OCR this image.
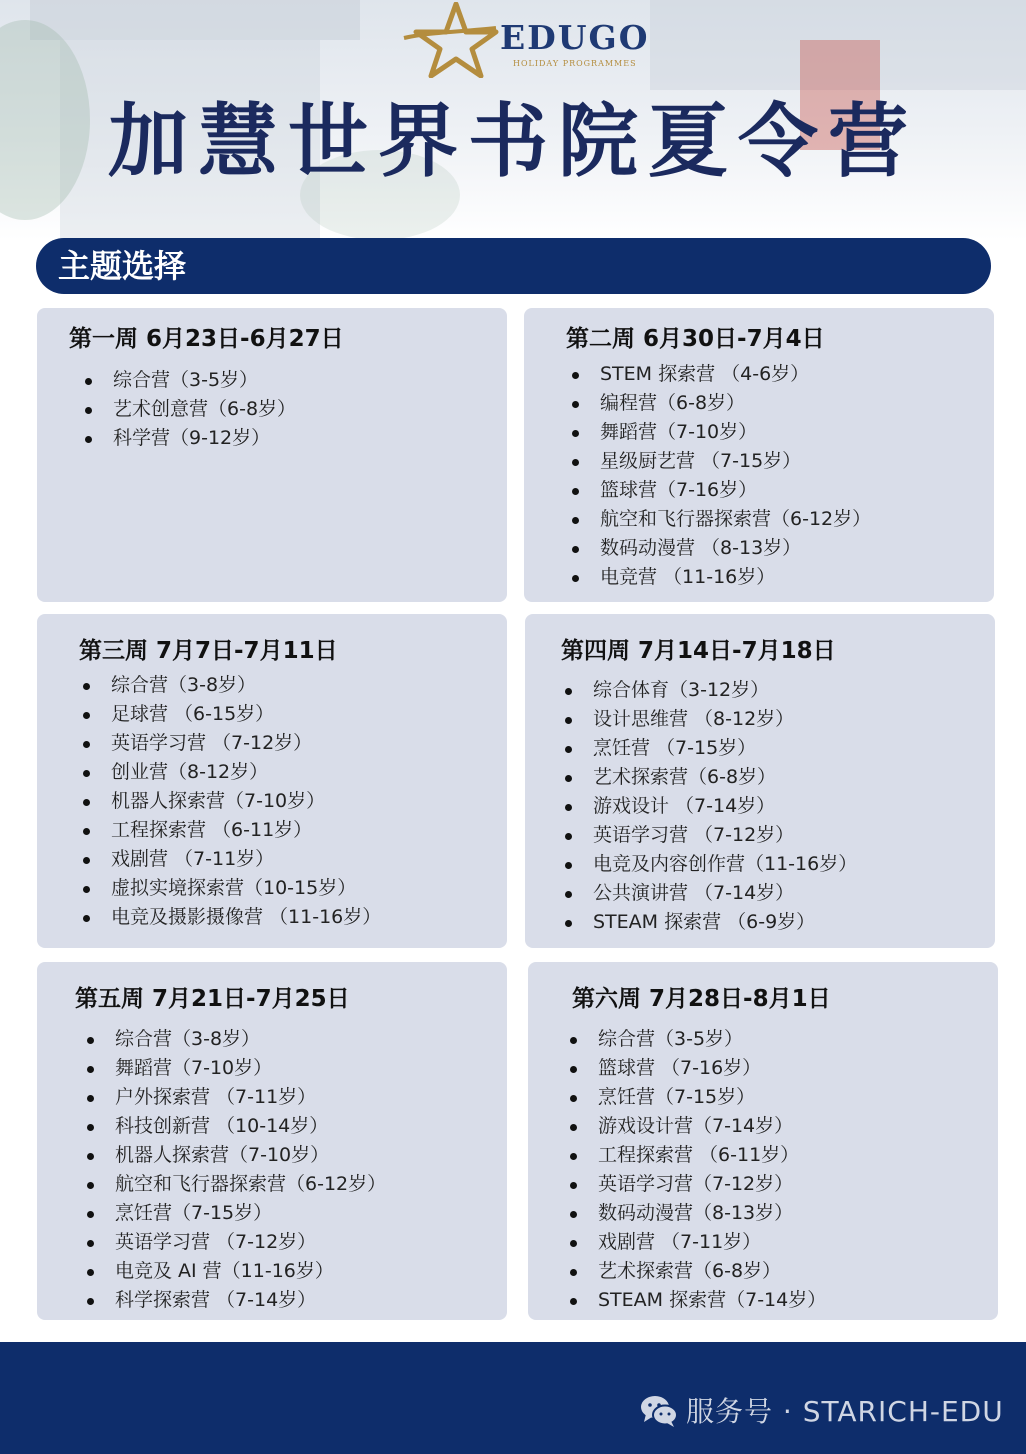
EDUGO
HOLIDAY PROGRAMMES
加慧世界书院夏令营
主题选择
第一周 6月23日-6月27日
综合营（3-5岁）
艺术创意营（6-8岁）
科学营（9-12岁）
第二周 6月30日-7月4日
STEM 探索营 （4-6岁）
编程营（6-8岁）
舞蹈营（7-10岁）
星级厨艺营 （7-15岁）
篮球营（7-16岁）
航空和飞行器探索营（6-12岁）
数码动漫营 （8-13岁）
电竞营 （11-16岁）
第三周 7月7日-7月11日
综合营（3-8岁）
足球营 （6-15岁）
英语学习营 （7-12岁）
创业营（8-12岁）
机器人探索营（7-10岁）
工程探索营 （6-11岁）
戏剧营 （7-11岁）
虚拟实境探索营（10-15岁）
电竞及摄影摄像营 （11-16岁）
第四周 7月14日-7月18日
综合体育（3-12岁）
设计思维营 （8-12岁）
烹饪营 （7-15岁）
艺术探索营（6-8岁）
游戏设计 （7-14岁）
英语学习营 （7-12岁）
电竞及内容创作营（11-16岁）
公共演讲营 （7-14岁）
STEAM 探索营 （6-9岁）
第五周 7月21日-7月25日
综合营（3-8岁）
舞蹈营（7-10岁）
户外探索营 （7-11岁）
科技创新营 （10-14岁）
机器人探索营（7-10岁）
航空和飞行器探索营（6-12岁）
烹饪营（7-15岁）
英语学习营 （7-12岁）
电竞及 AI 营（11-16岁）
科学探索营 （7-14岁）
第六周 7月28日-8月1日
综合营（3-5岁）
篮球营 （7-16岁）
烹饪营（7-15岁）
游戏设计营（7-14岁）
工程探索营 （6-11岁）
英语学习营（7-12岁）
数码动漫营（8-13岁）
戏剧营 （7-11岁）
艺术探索营（6-8岁）
STEAM 探索营（7-14岁）
服务号 · STARICH-EDU
